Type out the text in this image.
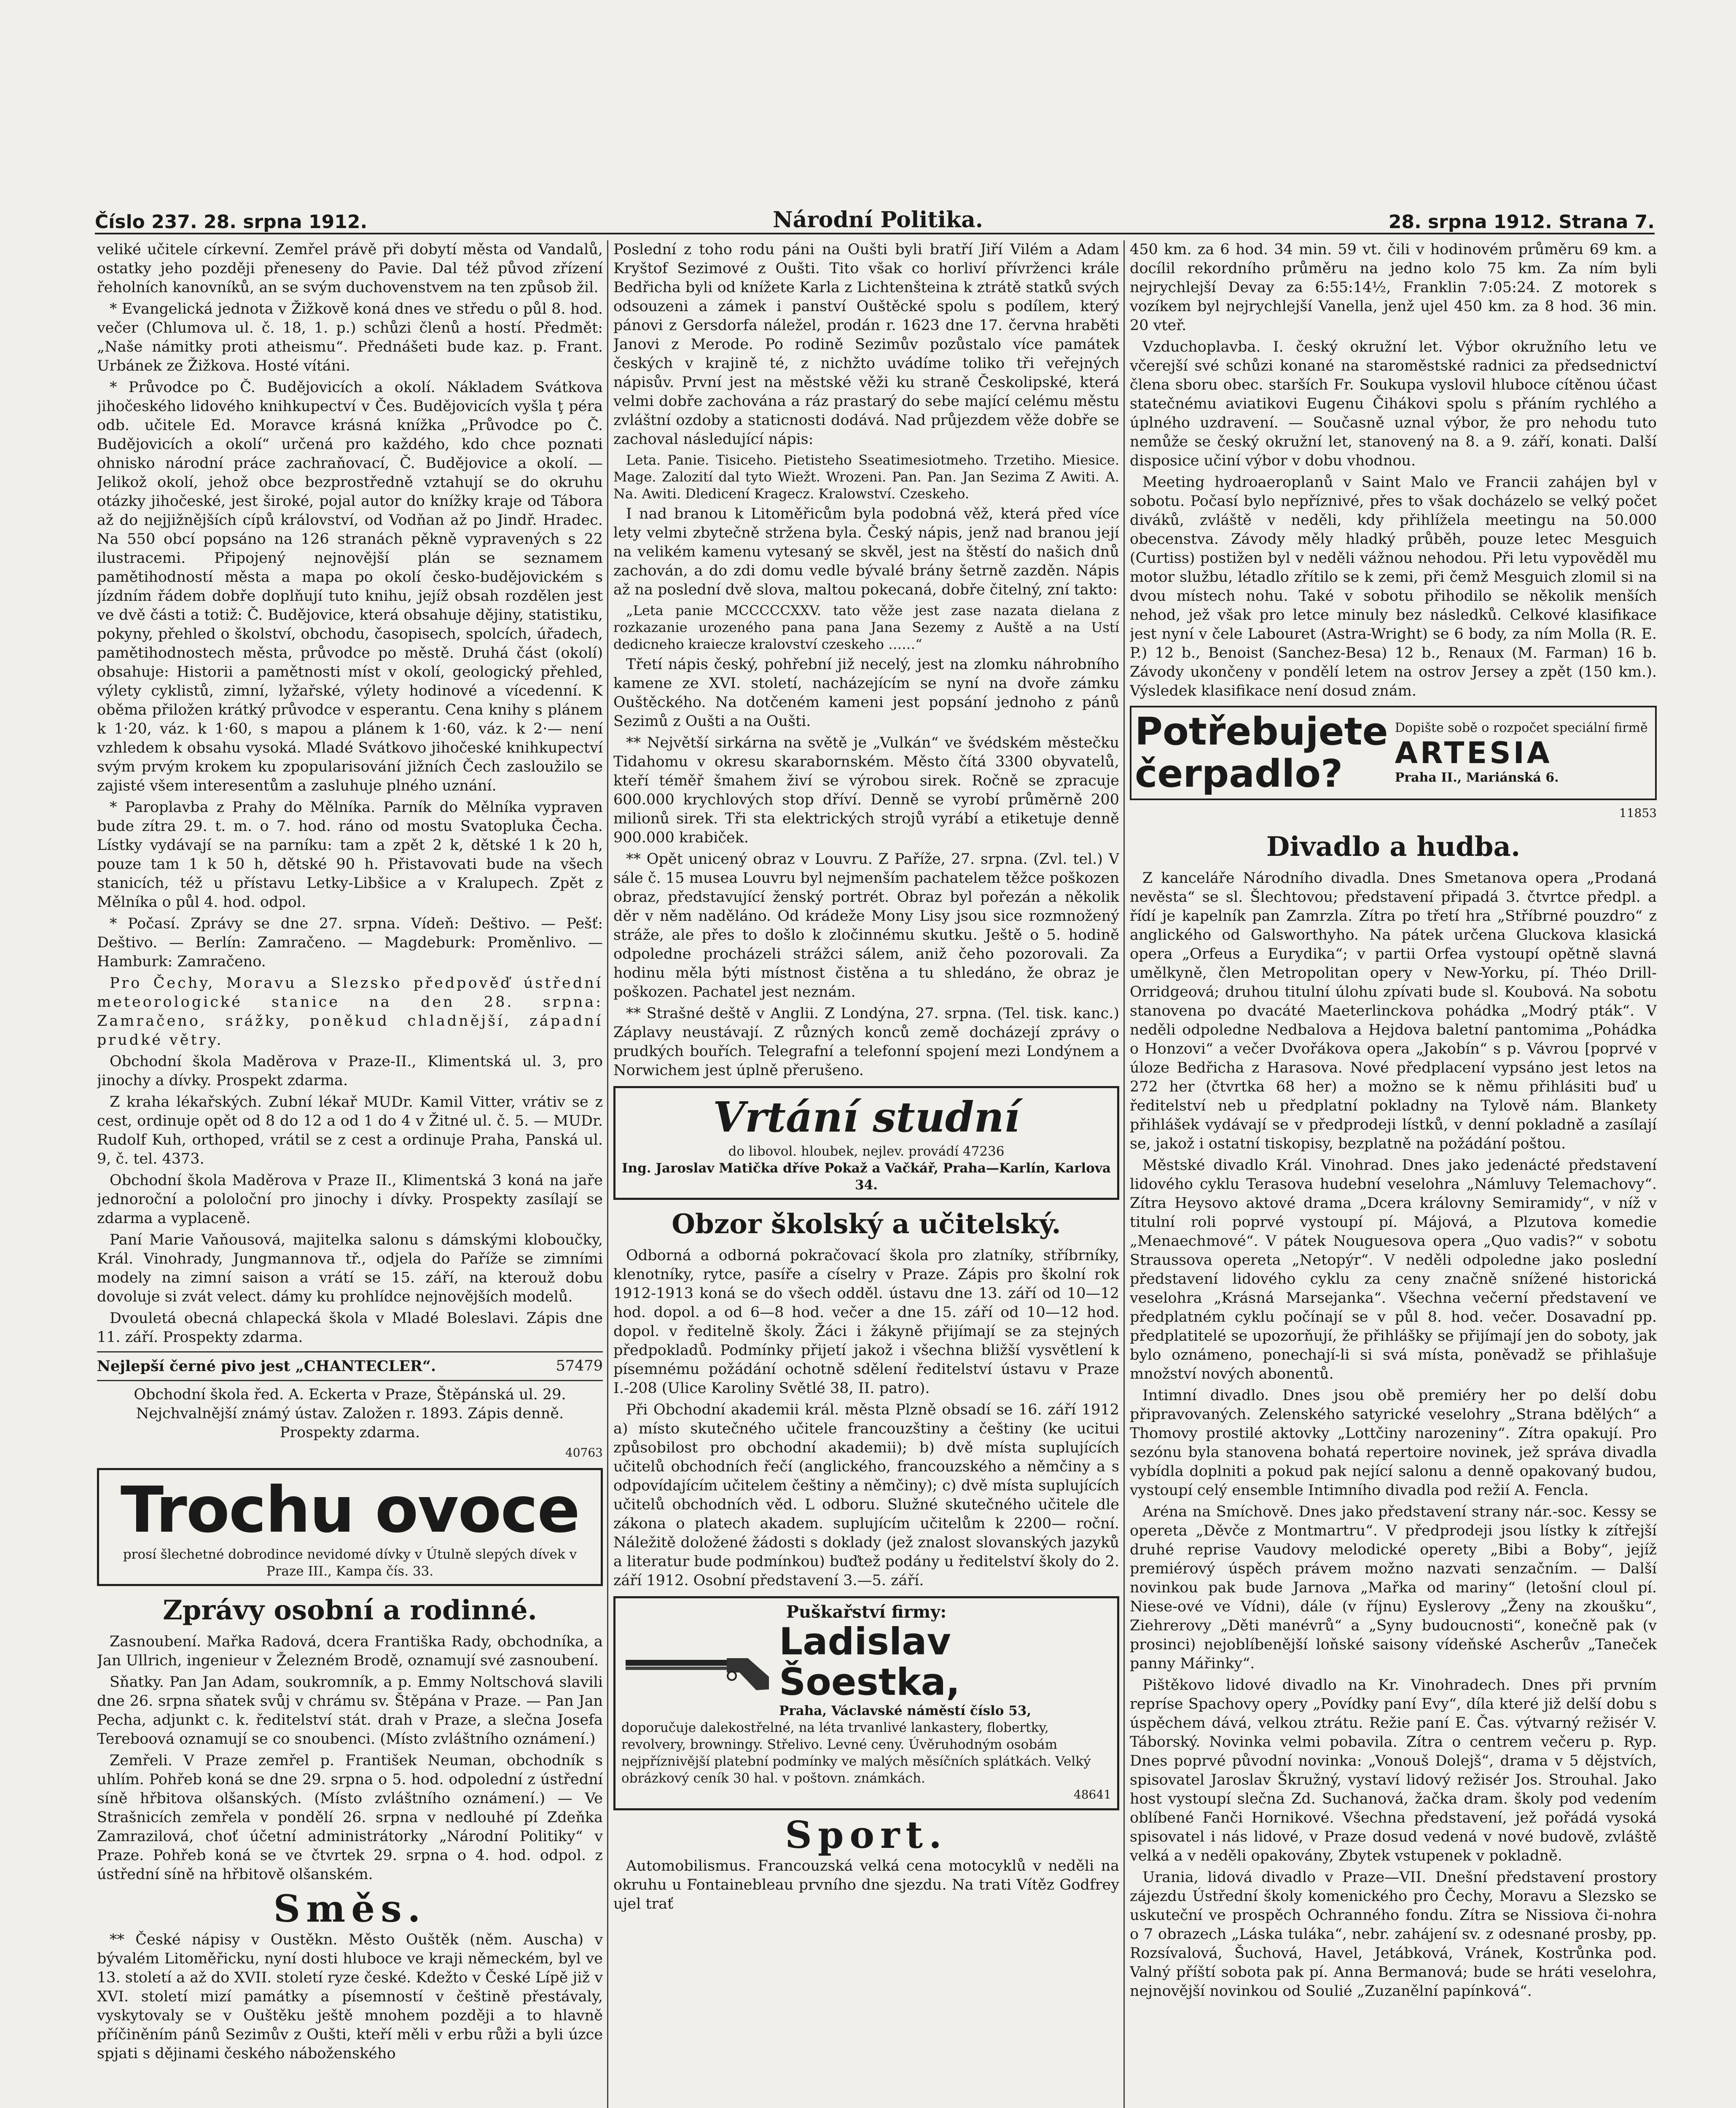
Číslo 237. 28. srpna 1912.	Národní Politika.	28. srpna 1912. Strana 7.

veliké učitele církevní. Zemřel právě při dobytí města od Vandalů, ostatky jeho později přeneseny do Pavie. Dal též původ zřízení řeholních kanovníků, an se svým duchovenstvem na ten způsob žil.

* Evangelická jednota v Žižkově koná dnes ve středu o půl 8. hod. večer (Chlumova ul. č. 18, 1. p.) schůzi členů a hostí. Předmět: „Naše námitky proti atheismu“. Přednášeti bude kaz. p. Frant. Urbánek ze Žižkova. Hosté vítáni.

* Průvodce po Č. Budějovicích a okolí. Nákladem Svátkova jihočeského lidového knihkupectví v Čes. Budějovicích vyšla ţ péra odb. učitele Ed. Moravce krásná knížka „Průvodce po Č. Budějovicích a okolí“ určená pro každého, kdo chce poznati ohnisko národní práce zachraňovací, Č. Budějovice a okolí. — Jelikož okolí, jehož obce bezprostředně vztahují se do okruhu otázky jihočeské, jest široké, pojal autor do knížky kraje od Tábora až do nejjižnějších cípů království, od Vodňan až po Jindř. Hradec. Na 550 obcí popsáno na 126 stranách pěkně vypravených s 22 ilustracemi. Připojený nejnovější plán se seznamem pamětihodností města a mapa po okolí česko-budějovickém s jízdním řádem dobře doplňují tuto knihu, jejíž obsah rozdělen jest ve dvě části a totiž: Č. Budějovice, která obsahuje dějiny, statistiku, pokyny, přehled o školství, obchodu, časopisech, spolcích, úřadech, pamětihodnostech města, průvodce po městě. Druhá část (okolí) obsahuje: Historii a pamětnosti míst v okolí, geologický přehled, výlety cyklistů, zimní, lyžařské, výlety hodinové a vícedenní. K oběma přiložen krátký průvodce v esperantu. Cena knihy s plánem k 1·20, váz. k 1·60, s mapou a plánem k 1·60, váz. k 2·— není vzhledem k obsahu vysoká. Mladé Svátkovo jihočeské knihkupectví svým prvým krokem ku zpopularisování jižních Čech zasloužilo se zajisté všem interesentům a zasluhuje plného uznání.

* Paroplavba z Prahy do Mělníka. Parník do Mělníka vypraven bude zítra 29. t. m. o 7. hod. ráno od mostu Svatopluka Čecha. Lístky vydávají se na parníku: tam a zpět 2 k, dětské 1 k 20 h, pouze tam 1 k 50 h, dětské 90 h. Přistavovati bude na všech stanicích, též u přístavu Letky-Libšice a v Kralupech. Zpět z Mělníka o půl 4. hod. odpol.

* Počasí. Zprávy se dne 27. srpna. Vídeň: Deštivo. — Pešť: Deštivo. — Berlín: Zamračeno. — Magdeburk: Proměnlivo. — Hamburk: Zamračeno.

Pro Čechy, Moravu a Slezsko předpověď ústřední meteorologické stanice na den 28. srpna: Zamračeno, srážky, poněkud chladnější, západní prudké větry.

Obchodní škola Maděrova v Praze-II., Klimentská ul. 3, pro jinochy a dívky. Prospekt zdarma.

Z kraha lékařských. Zubní lékař MUDr. Kamil Vitter, vrátiv se z cest, ordinuje opět od 8 do 12 a od 1 do 4 v Žitné ul. č. 5. — MUDr. Rudolf Kuh, orthoped, vrátil se z cest a ordinuje Praha, Panská ul. 9, č. tel. 4373.

Obchodní škola Maděrova v Praze II., Klimentská 3 koná na jaře jednoroční a pololoční pro jinochy i dívky. Prospekty zasílají se zdarma a vyplaceně.

Paní Marie Vaňousová, majitelka salonu s dámskými kloboučky, Král. Vinohrady, Jungmannova tř., odjela do Paříže se zimními modely na zimní saison a vrátí se 15. září, na kterouž dobu dovoluje si zvát velect. dámy ku prohlídce nejnovějších modelů.

Dvouletá obecná chlapecká škola v Mladé Boleslavi. Zápis dne 11. září. Prospekty zdarma.

Nejlepší černé pivo jest „CHANTECLER“.	57479

Obchodní škola řed. A. Eckerta v Praze, Štěpánská ul. 29. Nejchvalnější známý ústav. Založen r. 1893. Zápis denně. Prospekty zdarma.

40763
Trochu ovoce
prosí šlechetné dobrodince nevidomé dívky v Útulně slepých dívek v Praze III., Kampa čís. 33.
Zprávy osobní a rodinné.

Zasnoubení. Mařka Radová, dcera Františka Rady, obchodníka, a Jan Ullrich, ingenieur v Železném Brodě, oznamují své zasnoubení.

Sňatky. Pan Jan Adam, soukromník, a p. Emmy Noltschová slavili dne 26. srpna sňatek svůj v chrámu sv. Štěpána v Praze. — Pan Jan Pecha, adjunkt c. k. ředitelství stát. drah v Praze, a slečna Josefa Tereboová oznamují se co snoubenci. (Místo zvláštního oznámení.)

Zemřeli. V Praze zemřel p. František Neuman, obchodník s uhlím. Pohřeb koná se dne 29. srpna o 5. hod. odpolední z ústřední síně hřbitova olšanských. (Místo zvláštního oznámení.) — Ve Strašnicích zemřela v pondělí 26. srpna v nedlouhé pí Zdeňka Zamrazilová, choť účetní administrátorky „Národní Politiky“ v Praze. Pohřeb koná se ve čtvrtek 29. srpna o 4. hod. odpol. z ústřední síně na hřbitově olšanském.

Směs.

** České nápisy v Oustěkn. Město Ouštěk (něm. Auscha) v bývalém Litoměřicku, nyní dosti hluboce ve kraji německém, byl ve 13. století a až do XVII. století ryze české. Kdežto v České Lípě již v XVI. století mizí památky a písemností v češtině přestávaly, vyskytovaly se v Ouštěku ještě mnohem později a to hlavně příčiněním pánů Sezimův z Oušti, kteří měli v erbu růži a byli úzce spjati s dějinami českého náboženského

Poslední z toho rodu páni na Oušti byli bratří Jiří Vilém a Adam Kryštof Sezimové z Oušti. Tito však co horliví přívrženci krále Bedřicha byli od knížete Karla z Lichtenšteina k ztrátě statků svých odsouzeni a zámek i panství Ouštěcké spolu s podílem, který pánovi z Gersdorfa náležel, prodán r. 1623 dne 17. června hraběti Janovi z Merode. Po rodině Sezimův pozůstalo více památek českých v krajině té, z nichžto uvádíme toliko tři veřejných nápisův. První jest na městské věži ku straně Českolipské, která velmi dobře zachována a ráz prastarý do sebe mající celému městu zvláštní ozdoby a staticnosti dodává. Nad průjezdem věže dobře se zachoval následující nápis:

Leta. Panie. Tisiceho. Pietisteho Sseatimesiotmeho. Trzetiho. Miesice. Mage. Zalozití dal tyto Wiežt. Wrozeni. Pan. Pan. Jan Sezima Z Awiti. A. Na. Awiti. Dledicení Kragecz. Kralowství. Czeskeho.

I nad branou k Litoměřicům byla podobná věž, která před více lety velmi zbytečně stržena byla. Český nápis, jenž nad branou její na velikém kamenu vytesaný se skvěl, jest na štěstí do našich dnů zachován, a do zdi domu vedle bývalé brány šetrně zazděn. Nápis až na poslední dvě slova, maltou pokecaná, dobře čitelný, zní takto:

„Leta panie MCCCCCXXV. tato věže jest zase nazata dielana z rozkazanie urozeného pana pana Jana Sezemy z Auště a na Ustí dedicneho kraiecze kralovství czeskeho ……“

Třetí nápis český, pohřební již necelý, jest na zlomku náhrobního kamene ze XVI. století, nacházejícím se nyní na dvoře zámku Ouštěckého. Na dotčeném kameni jest popsání jednoho z pánů Sezimů z Oušti a na Oušti.

** Největší sirkárna na světě je „Vulkán“ ve švédském městečku Tidahomu v okresu skarabornském. Město čítá 3300 obyvatelů, kteří téměř šmahem živí se výrobou sirek. Ročně se zpracuje 600.000 krychlových stop dříví. Denně se vyrobí průměrně 200 milionů sirek. Tři sta elektrických strojů vyrábí a etiketuje denně 900.000 krabiček.

** Opět unicený obraz v Louvru. Z Paříže, 27. srpna. (Zvl. tel.) V sále č. 15 musea Louvru byl nejmenším pachatelem těžce poškozen obraz, představující ženský portrét. Obraz byl pořezán a několik děr v něm naděláno. Od krádeže Mony Lisy jsou sice rozmnožený stráže, ale přes to došlo k zločinnému skutku. Ještě o 5. hodině odpoledne procházeli strážci sálem, aniž čeho pozorovali. Za hodinu měla býti místnost čistěna a tu shledáno, že obraz je poškozen. Pachatel jest neznám.

** Strašné deště v Anglii. Z Londýna, 27. srpna. (Tel. tisk. kanc.) Záplavy neustávají. Z různých konců země docházejí zprávy o prudkých bouřích. Telegrafní a telefonní spojení mezi Londýnem a Norwichem jest úplně přerušeno.

Vrtání studní
do libovol. hloubek, nejlev. provádí 47236
Ing. Jaroslav Matička dříve Pokaž a Vačkář, Praha—Karlín, Karlova 34.
Obzor školský a učitelský.

Odborná a odborná pokračovací škola pro zlatníky, stříbrníky, klenotníky, rytce, pasíře a císelry v Praze. Zápis pro školní rok 1912-1913 koná se do všech odděl. ústavu dne 13. září od 10—12 hod. dopol. a od 6—8 hod. večer a dne 15. září od 10—12 hod. dopol. v ředitelně školy. Žáci i žákyně přijímají se za stejných předpokladů. Podmínky přijetí jakož i všechna bližší vysvětlení k písemnému požádání ochotně sdělení ředitelství ústavu v Praze I.-208 (Ulice Karoliny Světlé 38, II. patro).

Při Obchodní akademii král. města Plzně obsadí se 16. září 1912 a) místo skutečného učitele francouzštiny a češtiny (ke ucitui způsobilost pro obchodní akademii); b) dvě místa suplujících učitelů obchodních řečí (anglického, francouzského a němčiny a s odpovídajícím učitelem češtiny a němčiny); c) dvě místa suplujících učitelů obchodních věd. L odboru. Služné skutečného učitele dle zákona o platech akadem. suplujícím učitelům k 2200— roční. Náležitě doložené žádosti s doklady (jež znalost slovanských jazyků a literatur bude podmínkou) buďtež podány u ředitelství školy do 2. září 1912. Osobní představení 3.—5. září.

Puškařství firmy:
Ladislav Šoestka,
Praha, Václavské náměstí číslo 53,
doporučuje dalekostřelné, na léta trvanlivé lankastery, flobertky, revolvery, browningy. Střelivo. Levné ceny. Úvěruhodným osobám nejpříznivější platební podmínky ve malých měsíčních splátkách. Velký obrázkový ceník 30 hal. v poštovn. známkách.
48641
Sport.

Automobilismus. Francouzská velká cena motocyklů v neděli na okruhu u Fontainebleau prvního dne sjezdu. Na trati Vítěz Godfrey ujel trať

450 km. za 6 hod. 34 min. 59 vt. čili v hodinovém průměru 69 km. a docílil rekordního průměru na jedno kolo 75 km. Za ním byli nejrychlejší Devay za 6:55:14½, Franklin 7:05:24. Z motorek s vozíkem byl nejrychlejší Vanella, jenž ujel 450 km. za 8 hod. 36 min. 20 vteř.

Vzduchoplavba. I. český okružní let. Výbor okružního letu ve včerejší své schůzi konané na staroměstské radnici za předsednictví člena sboru obec. starších Fr. Soukupa vyslovil hluboce cítěnou účast statečnému aviatikovi Eugenu Čihákovi spolu s přáním rychlého a úplného uzdravení. — Současně uznal výbor, že pro nehodu tuto nemůže se český okružní let, stanovený na 8. a 9. září, konati. Další disposice učiní výbor v dobu vhodnou.

Meeting hydroaeroplanů v Saint Malo ve Francii zahájen byl v sobotu. Počasí bylo nepříznivé, přes to však docházelo se velký počet diváků, zvláště v neděli, kdy přihlížela meetingu na 50.000 obecenstva. Závody měly hladký průběh, pouze letec Mesguich (Curtiss) postižen byl v neděli vážnou nehodou. Při letu vypověděl mu motor službu, létadlo zřítilo se k zemi, při čemž Mesguich zlomil si na dvou místech nohu. Také v sobotu přihodilo se několik menších nehod, jež však pro letce minuly bez následků. Celkové klasifikace jest nyní v čele Labouret (Astra-Wright) se 6 body, za ním Molla (R. E. P.) 12 b., Benoist (Sanchez-Besa) 12 b., Renaux (M. Farman) 16 b. Závody ukončeny v pondělí letem na ostrov Jersey a zpět (150 km.). Výsledek klasifikace není dosud znám.

Potřebujete
čerpadlo?
Dopište sobě o rozpočet speciální firmě
ARTESIA
Praha II., Mariánská 6.
11853
Divadlo a hudba.

Z kanceláře Národního divadla. Dnes Smetanova opera „Prodaná nevěsta“ se sl. Šlechtovou; představení připadá 3. čtvrtce předpl. a řídí je kapelník pan Zamrzla. Zítra po třetí hra „Stříbrné pouzdro“ z anglického od Galsworthyho. Na pátek určena Gluckova klasická opera „Orfeus a Eurydika“; v partii Orfea vystoupí opětně slavná umělkyně, člen Metropolitan opery v New-Yorku, pí. Théo Drill-Orridgeová; druhou titulní úlohu zpívati bude sl. Koubová. Na sobotu stanovena po dvacáté Maeterlinckova pohádka „Modrý pták“. V neděli odpoledne Nedbalova a Hejdova baletní pantomima „Pohádka o Honzovi“ a večer Dvořákova opera „Jakobín“ s p. Vávrou [poprvé v úloze Bedřicha z Harasova. Nové předplacení vypsáno jest letos na 272 her (čtvrtka 68 her) a možno se k němu přihlásiti buď u ředitelství neb u předplatní pokladny na Tylově nám. Blankety přihlášek vydávají se v předprodeji lístků, v denní pokladně a zasílají se, jakož i ostatní tiskopisy, bezplatně na požádání poštou.

Městské divadlo Král. Vinohrad. Dnes jako jedenácté představení lidového cyklu Terasova hudební veselohra „Námluvy Telemachovy“. Zítra Heysovo aktové drama „Dcera královny Semiramidy“, v níž v titulní roli poprvé vystoupí pí. Májová, a Plzutova komedie „Menaechmové“. V pátek Nouguesova opera „Quo vadis?“ v sobotu Straussova opereta „Netopýr“. V neděli odpoledne jako poslední představení lidového cyklu za ceny značně snížené historická veselohra „Krásná Marsejanka“. Všechna večerní představení ve předplatném cyklu počínají se v půl 8. hod. večer. Dosavadní pp. předplatitelé se upozorňují, že přihlášky se přijímají jen do soboty, jak bylo oznámeno, ponechají-li si svá místa, poněvadž se přihlašuje množství nových abonentů.

Intimní divadlo. Dnes jsou obě premiéry her po delší dobu připravovaných. Zelenského satyrické veselohry „Strana bdělých“ a Thomovy prostilé aktovky „Lottčiny narozeniny“. Zítra opakují. Pro sezónu byla stanovena bohatá repertoire novinek, jež správa divadla vybídla doplniti a pokud pak nející salonu a denně opakovaný budou, vystoupí celý ensemble Intimního divadla pod režií A. Fencla.

Aréna na Smíchově. Dnes jako představení strany nár.-soc. Kessy se opereta „Děvče z Montmartru“. V předprodeji jsou lístky k zítřejší druhé reprise Vaudovy melodické operety „Bibi a Boby“, jejíž premiérový úspěch právem možno nazvati senzačním. — Další novinkou pak bude Jarnova „Mařka od mariny“ (letošní cloul pí. Niese-ové ve Vídni), dále (v říjnu) Eyslerovy „Ženy na zkoušku“, Ziehrerovy „Děti manévrů“ a „Syny budoucnosti“, konečně pak (v prosinci) nejoblíbenější loňské saisony vídeňské Ascherův „Taneček panny Mářinky“.

Pištěkovo lidové divadlo na Kr. Vinohradech. Dnes při prvním repríse Spachovy opery „Povídky paní Evy“, díla které již delší dobu s úspěchem dává, velkou ztrátu. Režie paní E. Čas. výtvarný režisér V. Táborský. Novinka velmi pobavila. Zítra o centrem večeru p. Ryp. Dnes poprvé původní novinka: „Vonouš Dolejš“, drama v 5 dějstvích, spisovatel Jaroslav Škružný, vystaví lidový režisér Jos. Strouhal. Jako host vystoupí slečna Zd. Suchanová, žačka dram. školy pod vedením oblíbené Fanči Hornikové. Všechna představení, jež pořádá vysoká spisovatel i nás lidové, v Praze dosud vedená v nové budově, zvláště velká a v neděli opakovány, Zbytek vstupenek v pokladně.

Urania, lidová divadlo v Praze—VII. Dnešní představení prostory zájezdu Ústřední školy komenického pro Čechy, Moravu a Slezsko se uskuteční ve prospěch Ochranného fondu. Zítra se Nissiova či-nohra o 7 obrazech „Láska tuláka“, nebr. zahájení sv. z odesnané prosby, pp. Rozsívalová, Šuchová, Havel, Jetábková, Vránek, Kostrůnka pod. Valný příští sobota pak pí. Anna Bermanová; bude se hráti veselohra, nejnovější novinkou od Soulié „Zuzanělní papínková“.
